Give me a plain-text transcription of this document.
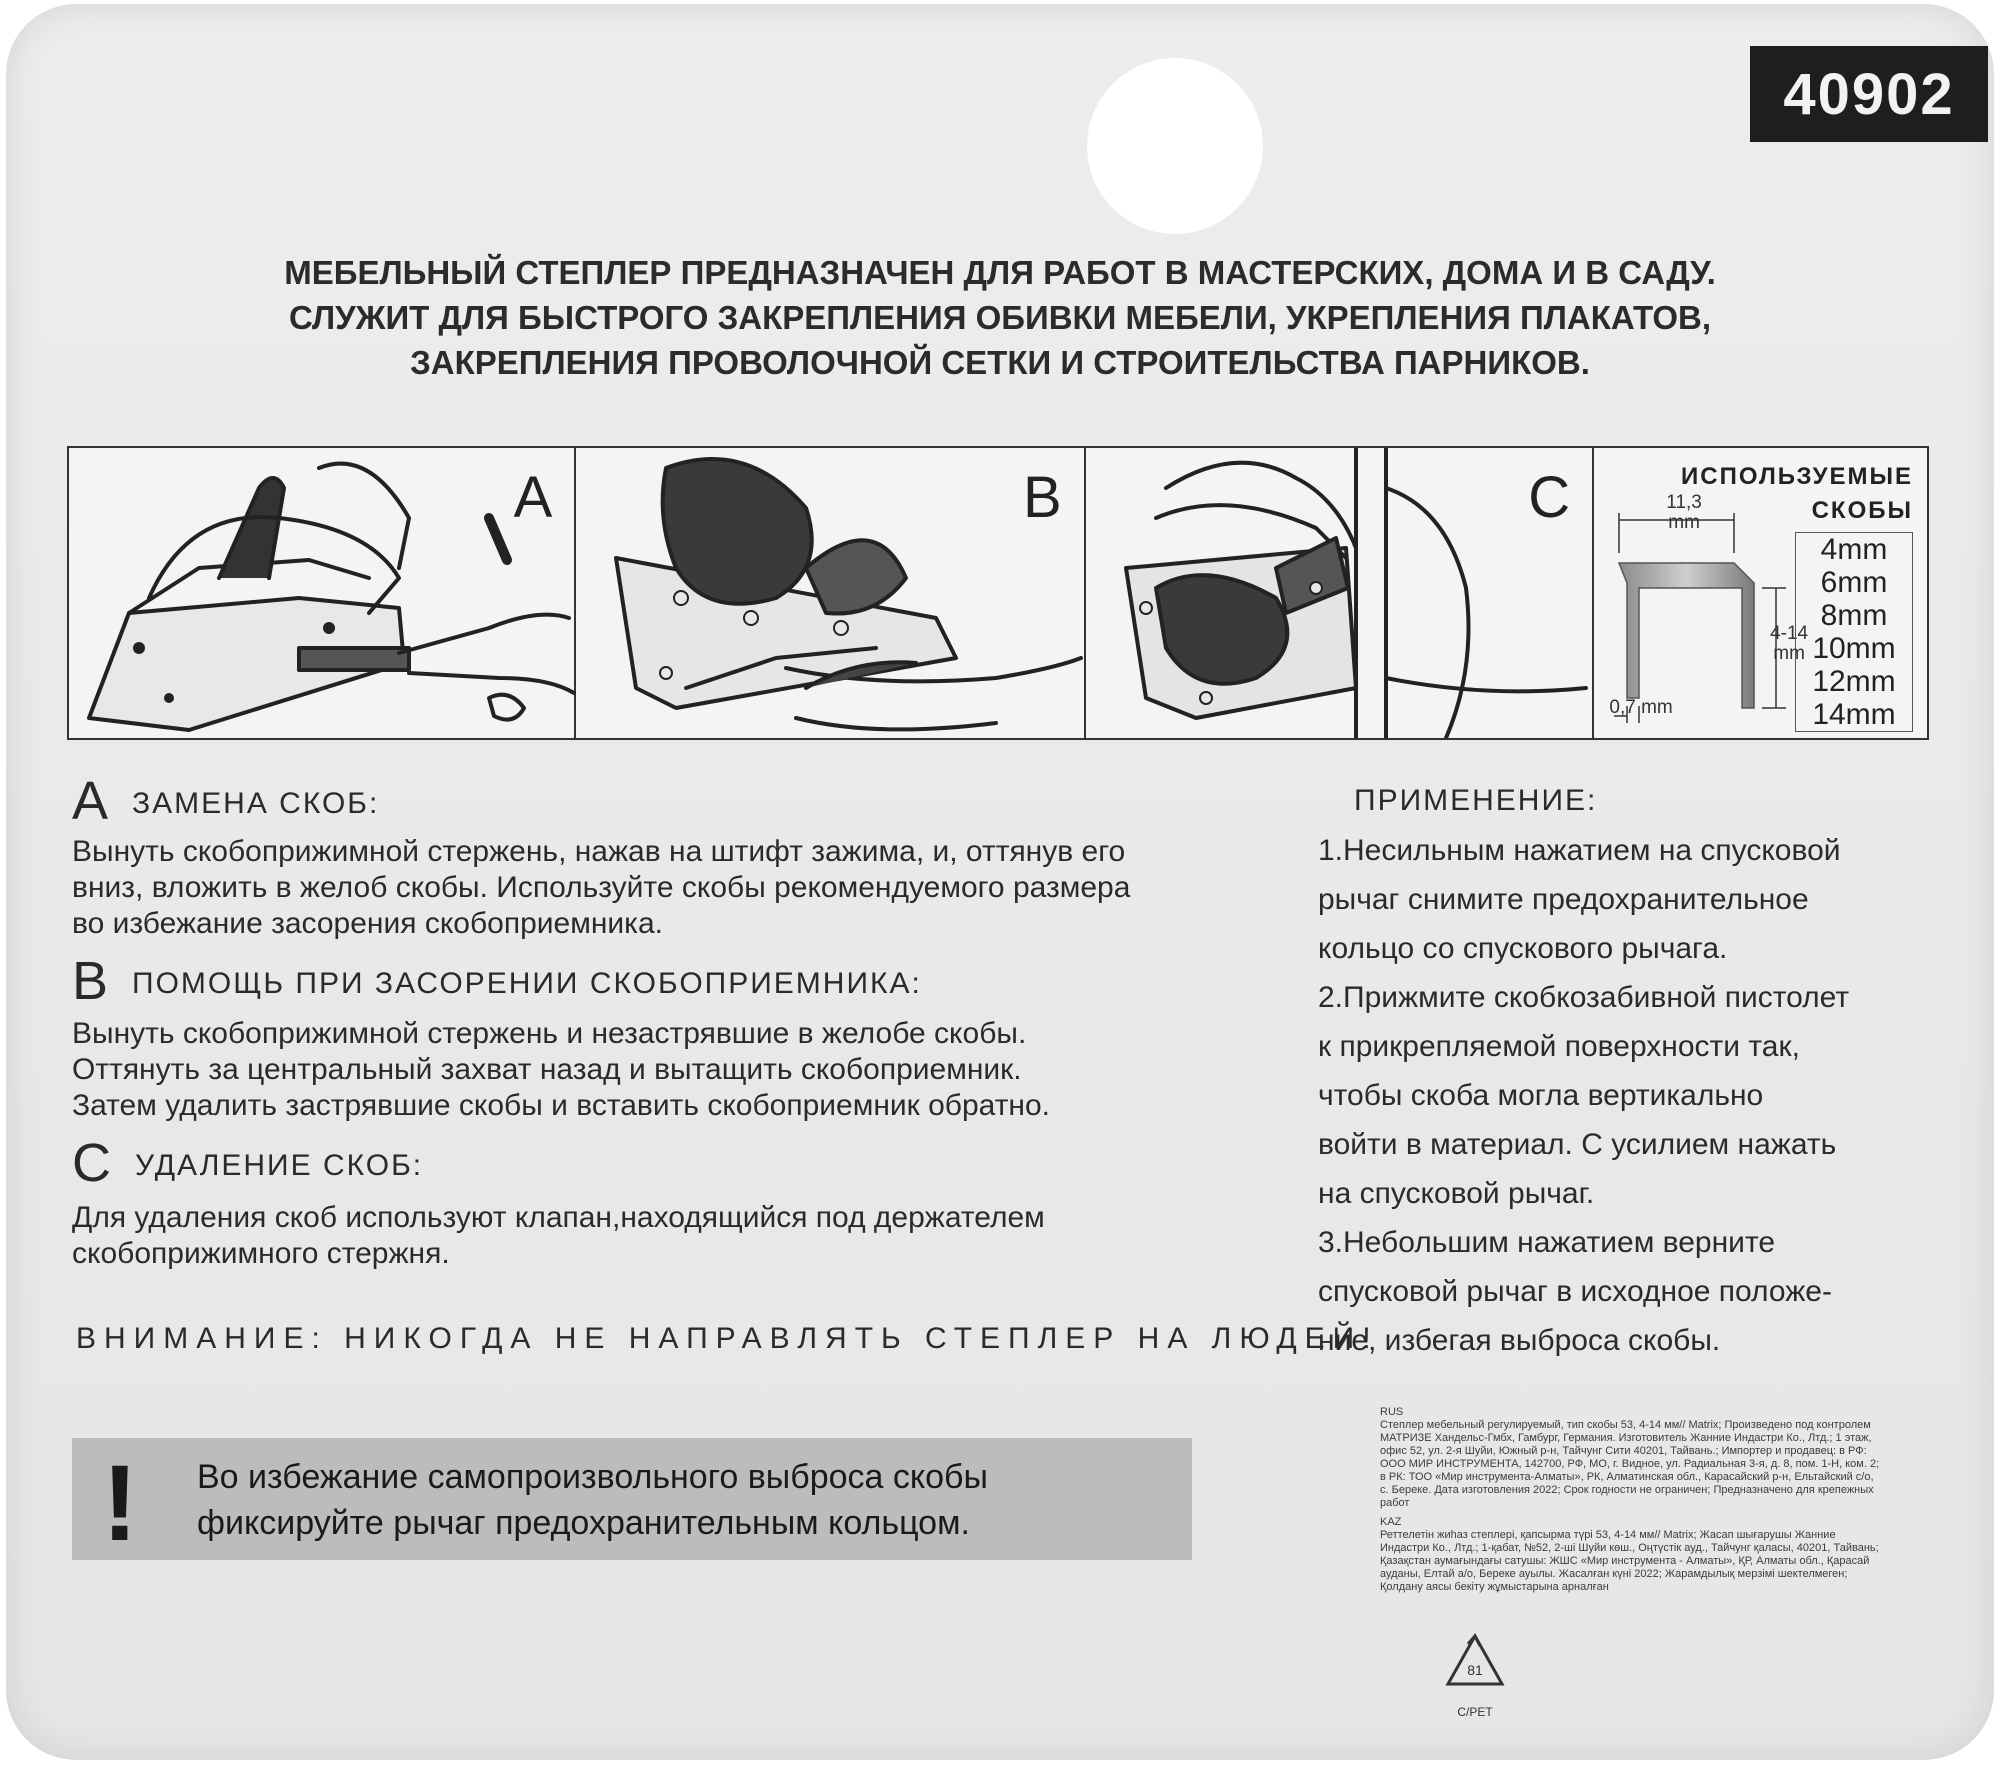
40902
МЕБЕЛЬНЫЙ СТЕПЛЕР ПРЕДНАЗНАЧЕН ДЛЯ РАБОТ В МАСТЕРСКИХ, ДОМА И В САДУ.
СЛУЖИТ ДЛЯ БЫСТРОГО ЗАКРЕПЛЕНИЯ ОБИВКИ МЕБЕЛИ, УКРЕПЛЕНИЯ ПЛАКАТОВ,
ЗАКРЕПЛЕНИЯ ПРОВОЛОЧНОЙ СЕТКИ И СТРОИТЕЛЬСТВА ПАРНИКОВ.
A	B	C	ИСПОЛЬЗУЕМЫЕ
СКОБЫ
11,3
mm
4-14
mm
0,7 mm
4mm
6mm
8mm
10mm
12mm
14mm
AЗАМЕНА СКОБ:
Вынуть скобоприжимной стержень, нажав на штифт зажима, и, оттянув его
вниз, вложить в желоб скобы. Используйте скобы рекомендуемого размера
во избежание засорения скобоприемника.
BПОМОЩЬ ПРИ ЗАСОРЕНИИ СКОБОПРИЕМНИКА:
Вынуть скобоприжимной стержень и незастрявшие в желобе скобы.
Оттянуть за центральный захват назад и вытащить скобоприемник.
Затем удалить застрявшие скобы и вставить скобоприемник обратно.
CУДАЛЕНИЕ СКОБ:
Для удаления скоб используют клапан,находящийся под держателем
скобоприжимного стержня.
ВНИМАНИЕ: НИКОГДА НЕ НАПРАВЛЯТЬ СТЕПЛЕР НА ЛЮДЕЙ!
ПРИМЕНЕНИЕ:
1.Несильным нажатием на спусковой
рычаг снимите предохранительное
кольцо со спускового рычага.
2.Прижмите скобкозабивной пистолет
к прикрепляемой поверхности так,
чтобы скоба могла вертикально
войти в материал. С усилием нажать
на спусковой рычаг.
3.Небольшим нажатием верните
спусковой рычаг в исходное положе-
ние, избегая выброса скобы.
! Во избежание самопроизвольного выброса скобы
фиксируйте рычаг предохранительным кольцом.
RUS
Степлер мебельный регулируемый, тип скобы 53, 4-14 мм// Matrix; Произведено под контролем МАТРИЗЕ Хандельс-Гмбх, Гамбург, Германия. Изготовитель Жанние Индастри Ко., Лтд.; 1 этаж, офис 52, ул. 2-я Шуйи, Южный р-н, Тайчунг Сити 40201, Тайвань.; Импортер и продавец: в РФ: ООО МИР ИНСТРУМЕНТА, 142700, РФ, МО, г. Видное, ул. Радиальная 3-я, д. 8, пом. 1-Н, ком. 2; в РК: ТОО «Мир инструмента-Алматы», РК, Алматинская обл., Карасайский р-н, Ельтайский с/о, с. Береке. Дата изготовления 2022; Срок годности не ограничен; Предназначено для крепежных работ
KAZ
Реттелетін жиһаз степлері, қапсырма түрі 53, 4-14 мм// Matrix; Жасап шығарушы Жанние Индастри Ко., Лтд.; 1-қабат, №52, 2-ші Шуйи көш., Оңтүстік ауд., Тайчунг қаласы, 40201, Тайвань; Қазақстан аумағындағы сатушы: ЖШС «Мир инструмента - Алматы», ҚР, Алматы обл., Қарасай ауданы, Елтай а/о, Береке ауылы. Жасалған күні 2022; Жарамдылық мерзімі шектелмеген; Қолдану аясы бекіту жұмыстарына арналған
81
C/PET
